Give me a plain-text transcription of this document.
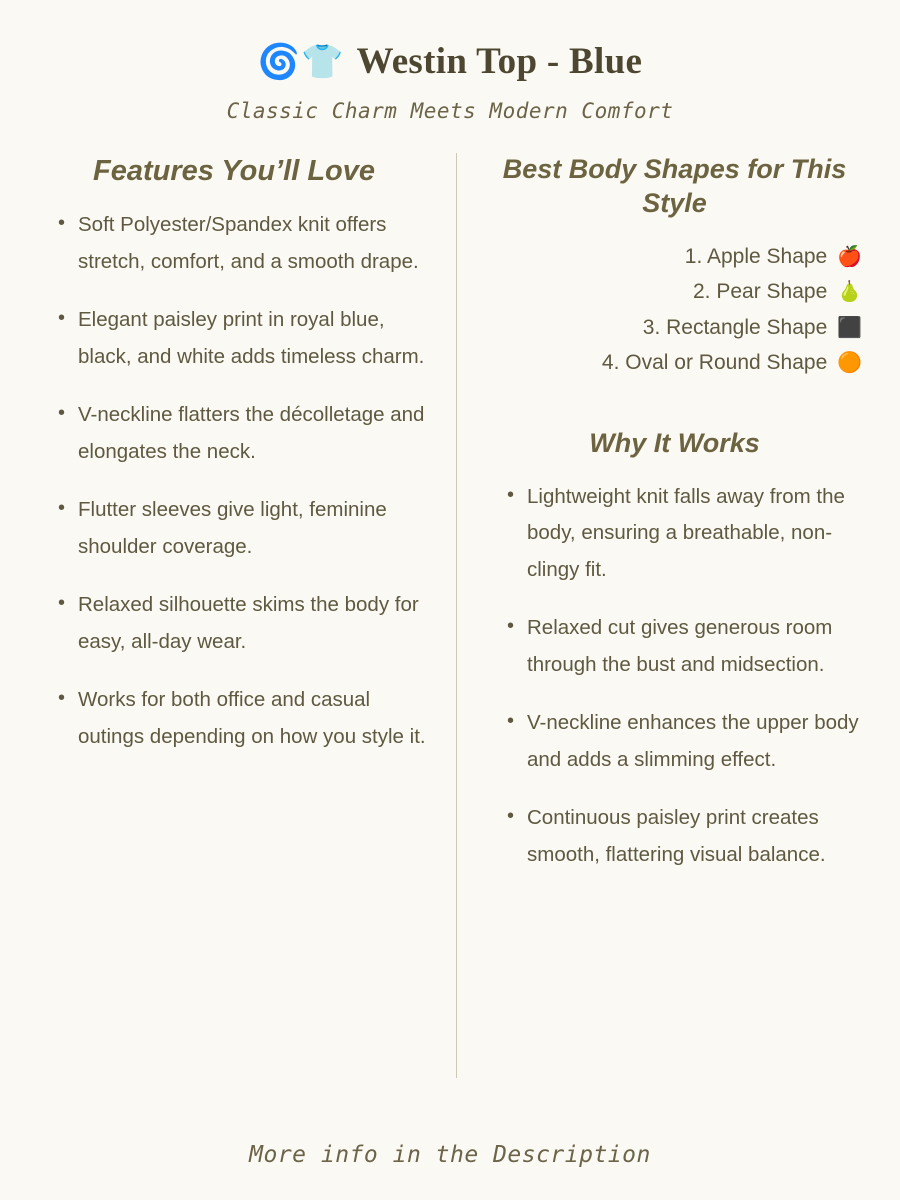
🌀👕 Westin Top - Blue
Classic Charm Meets Modern Comfort
Features You’ll Love
• Soft Polyester/Spandex knit offers stretch, comfort, and a smooth drape.
• Elegant paisley print in royal blue, black, and white adds timeless charm.
• V-neckline flatters the décolletage and elongates the neck.
• Flutter sleeves give light, feminine shoulder coverage.
• Relaxed silhouette skims the body for easy, all-day wear.
• Works for both office and casual outings depending on how you style it.
Best Body Shapes for This Style
1. Apple Shape 🍎
2. Pear Shape 🍐
3. Rectangle Shape ⬛
4. Oval or Round Shape 🟠
Why It Works
• Lightweight knit falls away from the body, ensuring a breathable, non-clingy fit.
• Relaxed cut gives generous room through the bust and midsection.
• V-neckline enhances the upper body and adds a slimming effect.
• Continuous paisley print creates smooth, flattering visual balance.
More info in the Description
